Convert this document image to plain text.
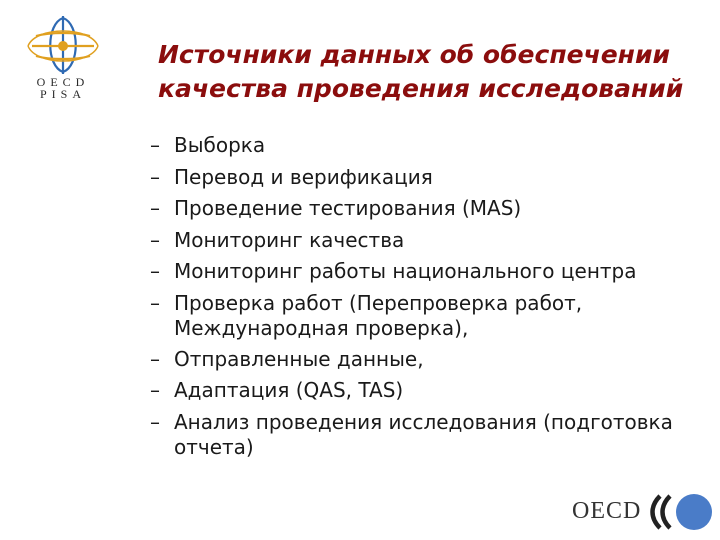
OECD
PISA
Источники данных об обеспечении качества проведения исследований
– Выборка
– Перевод и верификация
– Проведение тестирования (MAS)
– Мониторинг качества
– Мониторинг работы национального центра
– Проверка работ (Перепроверка работ, Международная проверка),
– Отправленные данные,
– Адаптация (QAS, TAS)
– Анализ проведения исследования (подготовка отчета)
OECD
